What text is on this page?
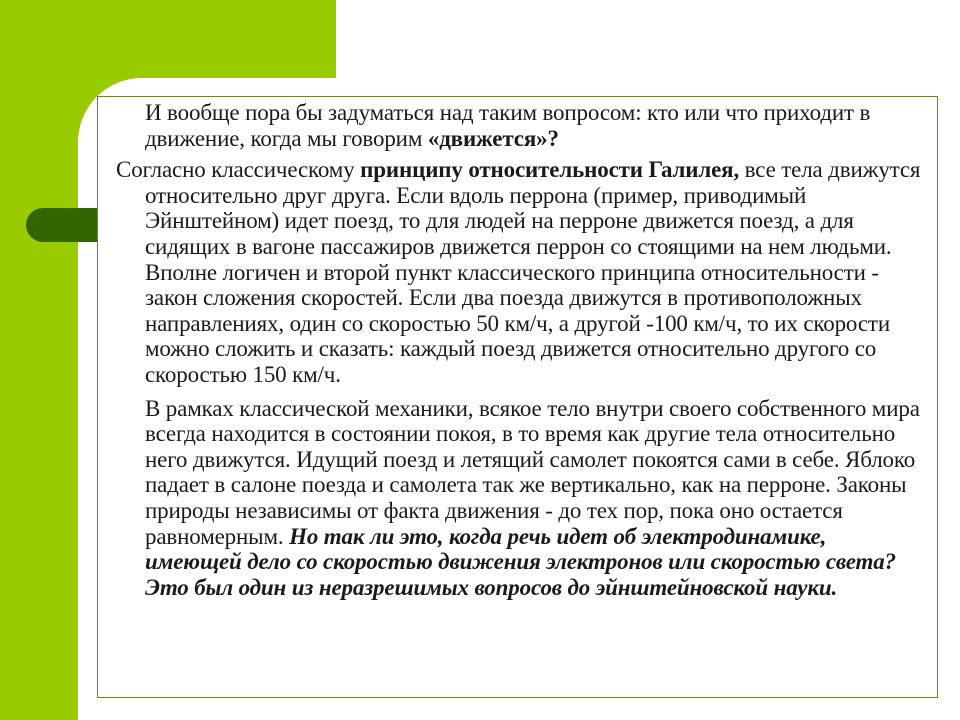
И вообще пора бы задуматься над таким вопросом: кто или что приходит в движение, когда мы говорим «движется»?

Согласно классическому принципу относительности Галилея, все тела движутся относительно друг друга. Если вдоль перрона (пример, приводимый Эйнштейном) идет поезд, то для людей на перроне движется поезд, а для сидящих в вагоне пассажиров движется перрон со стоящими на нем людьми. Вполне логичен и второй пункт классического принципа относительности - закон сложения скоростей. Если два поезда движутся в противоположных направлениях, один со скоростью 50 км/ч, а другой -100 км/ч, то их скорости можно сложить и сказать: каждый поезд движется относительно другого со скоростью 150 км/ч.

В рамках классической механики, всякое тело внутри своего собственного мира всегда находится в состоянии покоя, в то время как другие тела относительно него движутся. Идущий поезд и летящий самолет покоятся сами в себе. Яблоко падает в салоне поезда и самолета так же вертикально, как на перроне. Законы природы независимы от факта движения - до тех пор, пока оно остается равномерным. Но так ли это, когда речь идет об электродинамике, имеющей дело со скоростью движения электронов или скоростью света? Это был один из неразрешимых вопросов до эйнштейновской науки.
